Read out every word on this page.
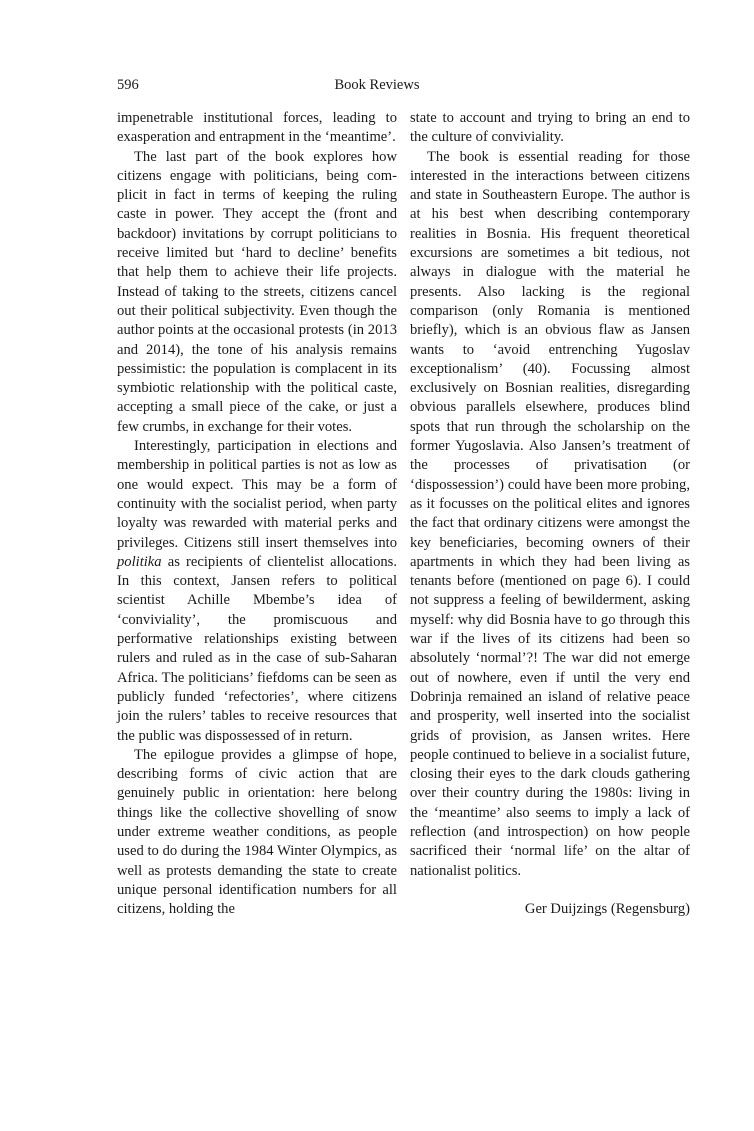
596	Book Reviews

impenetrable institutional forces, leading to exasperation and entrapment in the ‘meantime’.

The last part of the book explores how citizens engage with politicians, being complicit in fact in terms of keeping the ruling caste in power. They accept the (front and backdoor) invitations by corrupt politicians to receive limited but ‘hard to decline’ benefits that help them to achieve their life projects. Instead of taking to the streets, citizens cancel out their political subjectivity. Even though the author points at the occasional protests (in 2013 and 2014), the tone of his analysis remains pessimistic: the population is complacent in its symbiotic relationship with the political caste, accepting a small piece of the cake, or just a few crumbs, in exchange for their votes.

Interestingly, participation in elections and membership in political parties is not as low as one would expect. This may be a form of continuity with the socialist period, when party loyalty was rewarded with material perks and privileges. Citizens still insert themselves into politika as recipients of clientelist allocations. In this context, Jansen refers to political scientist Achille Mbembe’s idea of ‘conviviality’, the promiscuous and performative relationships existing between rulers and ruled as in the case of sub-Saharan Africa. The politicians’ fiefdoms can be seen as publicly funded ‘refectories’, where citizens join the rulers’ tables to receive resources that the public was dispossessed of in return.

The epilogue provides a glimpse of hope, describing forms of civic action that are genuinely public in orientation: here belong things like the collective shovelling of snow under extreme weather conditions, as people used to do during the 1984 Winter Olympics, as well as protests demanding the state to create unique personal identification numbers for all citizens, holding the

state to account and trying to bring an end to the culture of conviviality.

The book is essential reading for those interested in the interactions between citizens and state in Southeastern Europe. The author is at his best when describing contemporary realities in Bosnia. His frequent theoretical excursions are sometimes a bit tedious, not always in dialogue with the material he presents. Also lacking is the regional comparison (only Romania is mentioned briefly), which is an obvious flaw as Jansen wants to ‘avoid entrenching Yugoslav exceptionalism’ (40). Focussing almost exclusively on Bosnian realities, disregarding obvious parallels elsewhere, produces blind spots that run through the scholarship on the former Yugoslavia. Also Jansen’s treatment of the processes of privatisation (or ‘dispossession’) could have been more probing, as it focusses on the political elites and ignores the fact that ordinary citizens were amongst the key beneficiaries, becoming owners of their apartments in which they had been living as tenants before (mentioned on page 6). I could not suppress a feeling of bewilderment, asking myself: why did Bosnia have to go through this war if the lives of its citizens had been so absolutely ‘normal’?! The war did not emerge out of nowhere, even if until the very end Dobrinja remained an island of relative peace and prosperity, well inserted into the socialist grids of provision, as Jansen writes. Here people continued to believe in a socialist future, closing their eyes to the dark clouds gathering over their country during the 1980s: living in the ‘meantime’ also seems to imply a lack of reflection (and introspection) on how people sacrificed their ‘normal life’ on the altar of nationalist politics.

Ger Duijzings (Regensburg)
